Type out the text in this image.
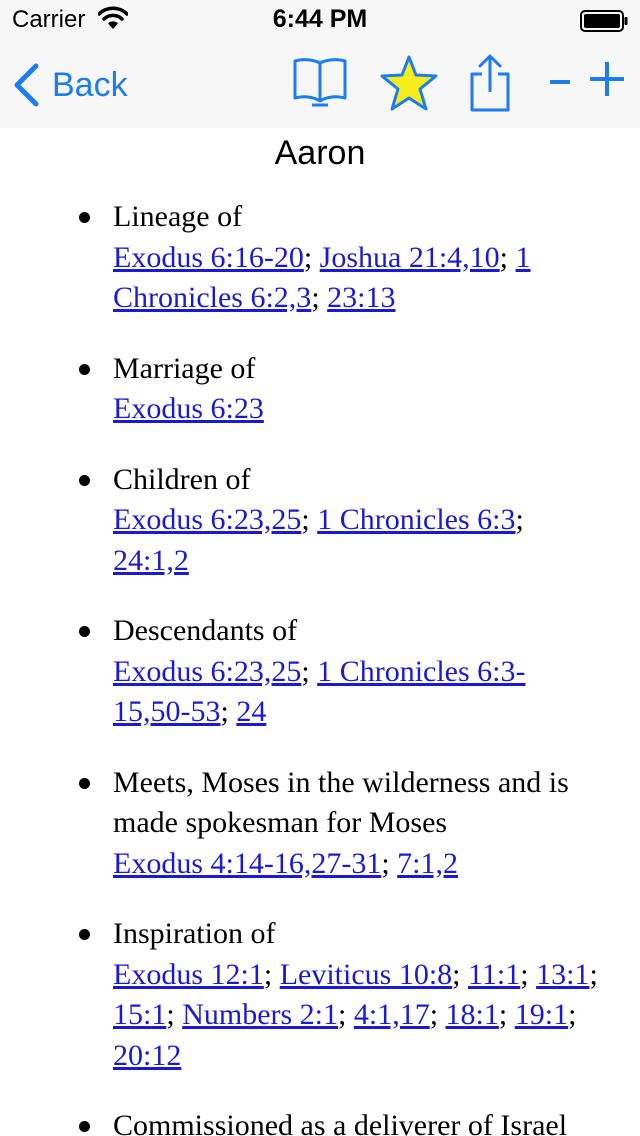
Carrier	6:44 PM
Back
Aaron
Lineage of
Exodus 6:16-20; Joshua 21:4,10; 1 Chronicles 6:2,3; 23:13
Marriage of
Exodus 6:23
Children of
Exodus 6:23,25; 1 Chronicles 6:3; 24:1,2
Descendants of
Exodus 6:23,25; 1 Chronicles 6:3-15,50-53; 24
Meets, Moses in the wilderness and is made spokesman for Moses
Exodus 4:14-16,27-31; 7:1,2
Inspiration of
Exodus 12:1; Leviticus 10:8; 11:1; 13:1; 15:1; Numbers 2:1; 4:1,17; 18:1; 19:1; 20:12
Commissioned as a deliverer of Israel
